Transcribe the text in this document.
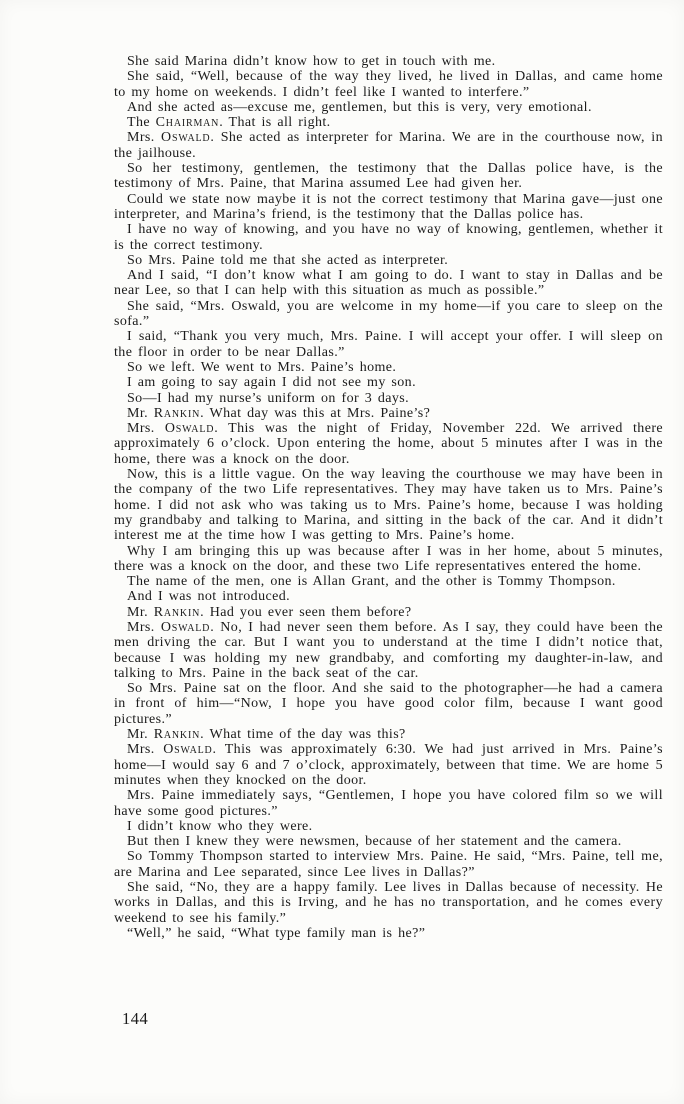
She said Marina didn’t know how to get in touch with me.

She said, “Well, because of the way they lived, he lived in Dallas, and came home to my home on weekends. I didn’t feel like I wanted to interfere.”

And she acted as—excuse me, gentlemen, but this is very, very emotional.

The Chairman. That is all right.

Mrs. Oswald. She acted as interpreter for Marina. We are in the courthouse now, in the jailhouse.

So her testimony, gentlemen, the testimony that the Dallas police have, is the testimony of Mrs. Paine, that Marina assumed Lee had given her.

Could we state now maybe it is not the correct testimony that Marina gave—just one interpreter, and Marina’s friend, is the testimony that the Dallas police has.

I have no way of knowing, and you have no way of knowing, gentlemen, whether it is the correct testimony.

So Mrs. Paine told me that she acted as interpreter.

And I said, “I don’t know what I am going to do. I want to stay in Dallas and be near Lee, so that I can help with this situation as much as possible.”

She said, “Mrs. Oswald, you are welcome in my home—if you care to sleep on the sofa.”

I said, “Thank you very much, Mrs. Paine. I will accept your offer. I will sleep on the floor in order to be near Dallas.”

So we left. We went to Mrs. Paine’s home.

I am going to say again I did not see my son.

So—I had my nurse’s uniform on for 3 days.

Mr. Rankin. What day was this at Mrs. Paine’s?

Mrs. Oswald. This was the night of Friday, November 22d. We arrived there approximately 6 o’clock. Upon entering the home, about 5 minutes after I was in the home, there was a knock on the door.

Now, this is a little vague. On the way leaving the courthouse we may have been in the company of the two Life representatives. They may have taken us to Mrs. Paine’s home. I did not ask who was taking us to Mrs. Paine’s home, because I was holding my grandbaby and talking to Marina, and sitting in the back of the car. And it didn’t interest me at the time how I was getting to Mrs. Paine’s home.

Why I am bringing this up was because after I was in her home, about 5 minutes, there was a knock on the door, and these two Life representatives entered the home.

The name of the men, one is Allan Grant, and the other is Tommy Thompson.

And I was not introduced.

Mr. Rankin. Had you ever seen them before?

Mrs. Oswald. No, I had never seen them before. As I say, they could have been the men driving the car. But I want you to understand at the time I didn’t notice that, because I was holding my new grandbaby, and comforting my daughter-in-law, and talking to Mrs. Paine in the back seat of the car.

So Mrs. Paine sat on the floor. And she said to the photographer—he had a camera in front of him—“Now, I hope you have good color film, because I want good pictures.”

Mr. Rankin. What time of the day was this?

Mrs. Oswald. This was approximately 6:30. We had just arrived in Mrs. Paine’s home—I would say 6 and 7 o’clock, approximately, between that time. We are home 5 minutes when they knocked on the door.

Mrs. Paine immediately says, “Gentlemen, I hope you have colored film so we will have some good pictures.”

I didn’t know who they were.

But then I knew they were newsmen, because of her statement and the camera.

So Tommy Thompson started to interview Mrs. Paine. He said, “Mrs. Paine, tell me, are Marina and Lee separated, since Lee lives in Dallas?”

She said, “No, they are a happy family. Lee lives in Dallas because of necessity. He works in Dallas, and this is Irving, and he has no transportation, and he comes every weekend to see his family.”

“Well,” he said, “What type family man is he?”

144
